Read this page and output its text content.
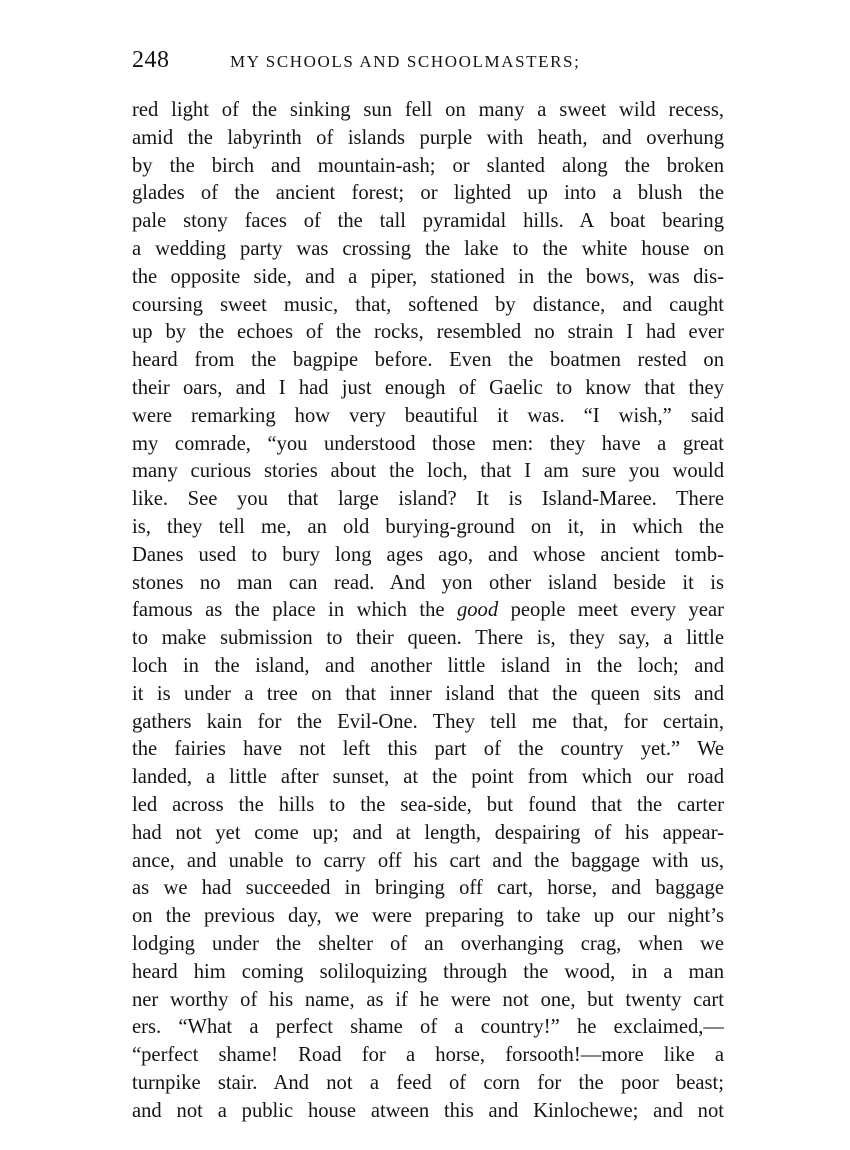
248	MY SCHOOLS AND SCHOOLMASTERS;
red light of the sinking sun fell on many a sweet wild recess,
amid the labyrinth of islands purple with heath, and overhung
by the birch and mountain-ash; or slanted along the broken
glades of the ancient forest; or lighted up into a blush the
pale stony faces of the tall pyramidal hills. A boat bearing
a wedding party was crossing the lake to the white house on
the opposite side, and a piper, stationed in the bows, was dis-
coursing sweet music, that, softened by distance, and caught
up by the echoes of the rocks, resembled no strain I had ever
heard from the bagpipe before. Even the boatmen rested on
their oars, and I had just enough of Gaelic to know that they
were remarking how very beautiful it was. “I wish,” said
my comrade, “you understood those men: they have a great
many curious stories about the loch, that I am sure you would
like. See you that large island? It is Island-Maree. There
is, they tell me, an old burying-ground on it, in which the
Danes used to bury long ages ago, and whose ancient tomb-
stones no man can read. And yon other island beside it is
famous as the place in which the good people meet every year
to make submission to their queen. There is, they say, a little
loch in the island, and another little island in the loch; and
it is under a tree on that inner island that the queen sits and
gathers kain for the Evil-One. They tell me that, for certain,
the fairies have not left this part of the country yet.” We
landed, a little after sunset, at the point from which our road
led across the hills to the sea-side, but found that the carter
had not yet come up; and at length, despairing of his appear-
ance, and unable to carry off his cart and the baggage with us,
as we had succeeded in bringing off cart, horse, and baggage
on the previous day, we were preparing to take up our night’s
lodging under the shelter of an overhanging crag, when we
heard him coming soliloquizing through the wood, in a man
ner worthy of his name, as if he were not one, but twenty cart
ers. “What a perfect shame of a country!” he exclaimed,—
“perfect shame! Road for a horse, forsooth!—more like a
turnpike stair. And not a feed of corn for the poor beast;
and not a public house atween this and Kinlochewe; and not
